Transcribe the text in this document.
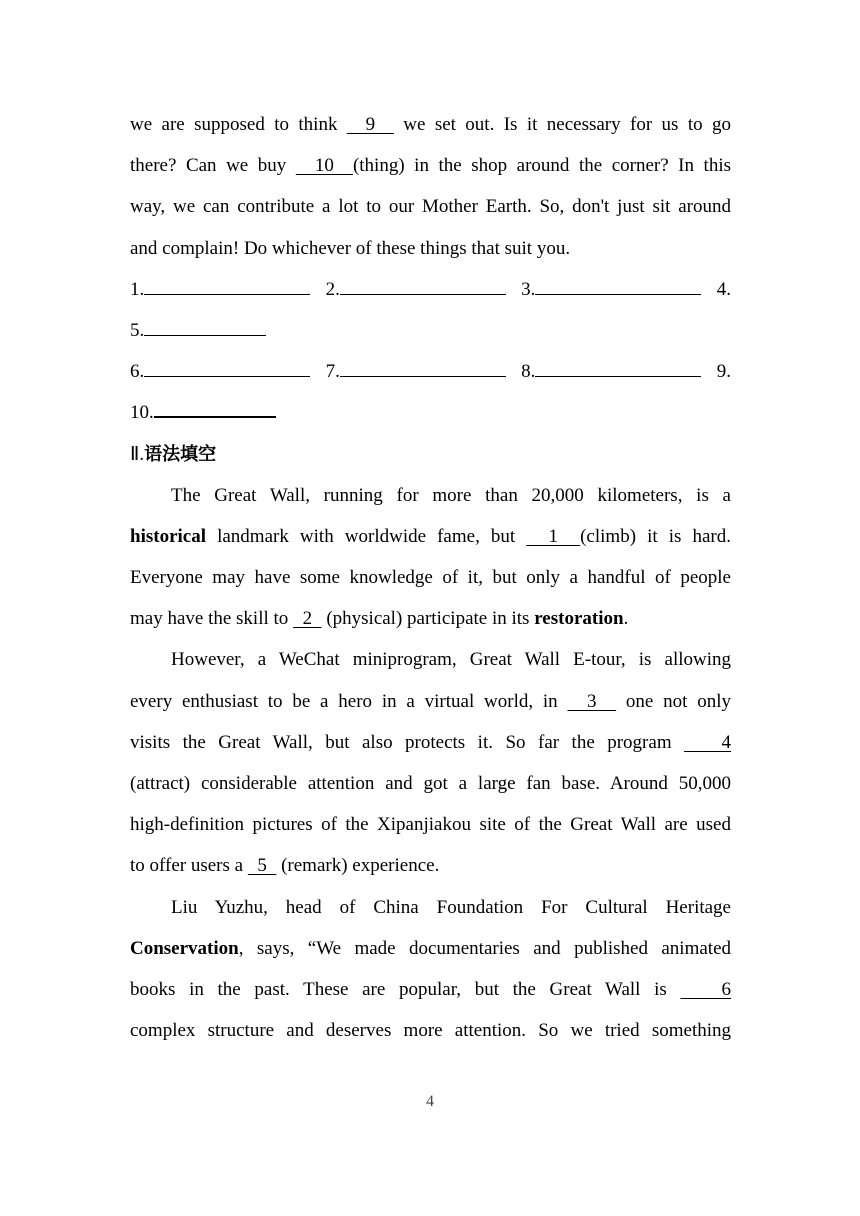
we are supposed to think   9   we set out. Is it necessary for us to go
there? Can we buy   10  (thing) in the shop around the corner? In this
way, we can contribute a lot to our Mother Earth. So, don't just sit around
and complain! Do whichever of these things that suit you.
1.	2.	3.	4.
5.
6.	7.	8.	9.
10.
Ⅱ.语法填空
The Great Wall, running for more than 20,000 kilometers, is a
historical landmark with worldwide fame, but   1  (climb) it is hard.
Everyone may have some knowledge of it, but only a handful of people
may have the skill to   2   (physical) participate in its restoration.
However, a WeChat miniprogram, Great Wall E-tour, is allowing
every enthusiast to be a hero in a virtual world, in   3   one not only
visits the Great Wall, but also protects it. So far the program    4
(attract) considerable attention and got a large fan base. Around 50,000
high-definition pictures of the Xipanjiakou site of the Great Wall are used
to offer users a   5   (remark) experience.
Liu Yuzhu, head of China Foundation For Cultural Heritage
Conservation, says, “We made documentaries and published animated
books in the past. These are popular, but the Great Wall is    6
complex structure and deserves more attention. So we tried something
4
